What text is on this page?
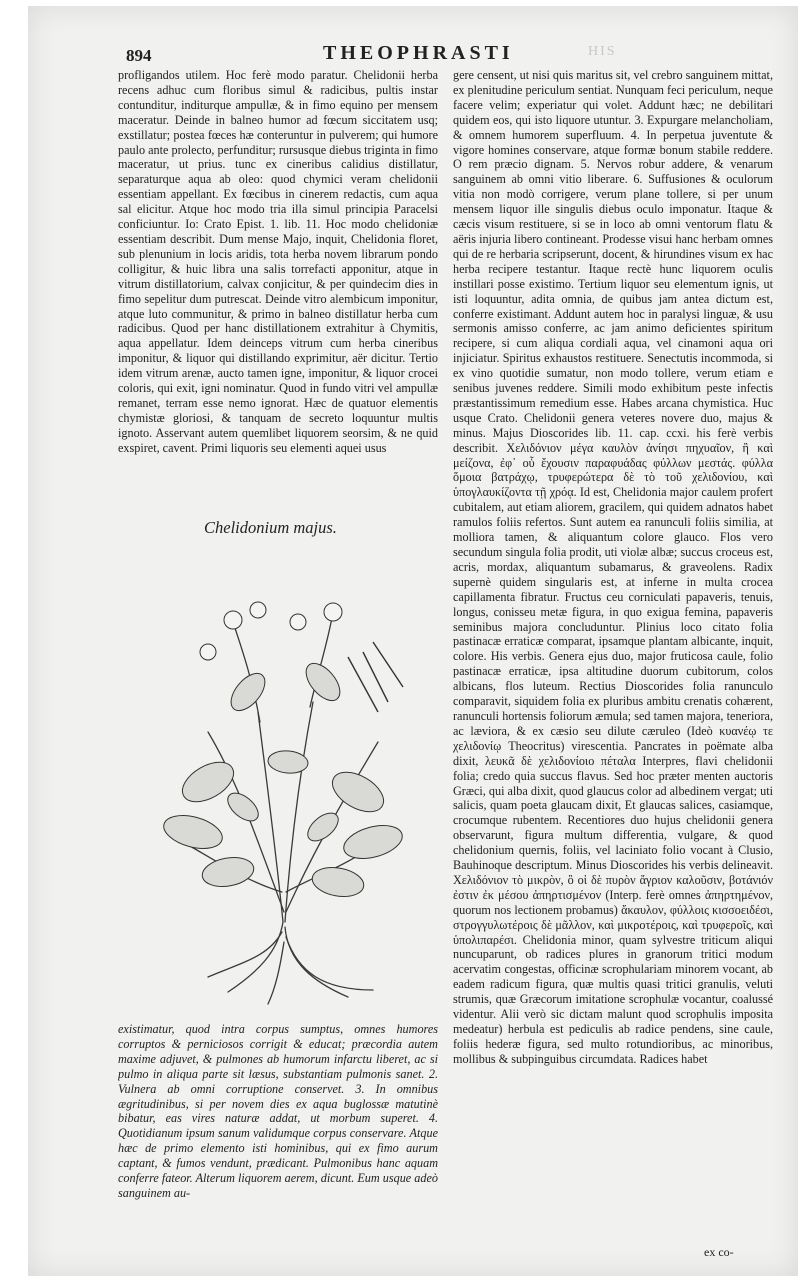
894	THEOPHRASTI	HIS

profligandos utilem. Hoc ferè modo paratur. Chelidonii herba recens adhuc cum floribus simul & radicibus, pultis instar contunditur, inditurque ampullæ, & in fimo equino per mensem maceratur. Deinde in balneo humor ad fœcum siccitatem usq; exstillatur; postea fœces hæ conteruntur in pulverem; qui humore paulo ante prolecto, perfunditur; rursusque diebus triginta in fimo maceratur, ut prius. tunc ex cineribus calidius distillatur, separaturque aqua ab oleo: quod chymici veram chelidonii essentiam appellant. Ex fœcibus in cinerem redactis, cum aqua sal elicitur. Atque hoc modo tria illa simul principia Paracelsi conficiuntur. Io: Crato Epist. 1. lib. 11. Hoc modo chelidoniæ essentiam describit. Dum mense Majo, inquit, Chelidonia floret, sub plenunium in locis aridis, tota herba novem librarum pondo colligitur, & huic libra una salis torrefacti apponitur, atque in vitrum distillatorium, calvax conjicitur, & per quindecim dies in fimo sepelitur dum putrescat. Deinde vitro alembicum imponitur, atque luto communitur, & primo in balneo distillatur herba cum radicibus. Quod per hanc distillationem extrahitur à Chymitis, aqua appellatur. Idem deinceps vitrum cum herba cineribus imponitur, & liquor qui distillando exprimitur, aër dicitur. Tertio idem vitrum arenæ, aucto tamen igne, imponitur, & liquor crocei coloris, qui exit, igni nominatur. Quod in fundo vitri vel ampullæ remanet, terram esse nemo ignorat. Hæc de quatuor elementis chymistæ gloriosi, & tanquam de secreto loquuntur multis ignoto. Asservant autem quemlibet liquorem seorsim, & ne quid exspiret, cavent. Primi liquoris seu elementi aquei usus

Chelidonium majus.

existimatur, quod intra corpus sumptus, omnes humores corruptos & perniciosos corrigit & educat; præcordia autem maxime adjuvet, & pulmones ab humorum infarctu liberet, ac si pulmo in aliqua parte sit læsus, substantiam pulmonis sanet. 2. Vulnera ab omni corruptione conservet. 3. In omnibus ægritudinibus, si per novem dies ex aqua buglossæ matutinè bibatur, eas vires naturæ addat, ut morbum superet. 4. Quotidianum ipsum sanum validumque corpus conservare. Atque hæc de primo elemento isti hominibus, qui ex fimo aurum captant, & fumos vendunt, prædicant. Pulmonibus hanc aquam conferre fateor. Alterum liquorem aerem, dicunt. Eum usque adeò sanguinem au-

gere censent, ut nisi quis maritus sit, vel crebro sanguinem mittat, ex plenitudine periculum sentiat. Nunquam feci periculum, neque facere velim; experiatur qui volet. Addunt hæc; ne debilitari quidem eos, qui isto liquore utuntur. 3. Expurgare melancholiam, & omnem humorem superfluum. 4. In perpetua juventute & vigore homines conservare, atque formæ bonum stabile reddere. O rem præcio dignam. 5. Nervos robur addere, & venarum sanguinem ab omni vitio liberare. 6. Suffusiones & oculorum vitia non modò corrigere, verum plane tollere, si per unum mensem liquor ille singulis diebus oculo imponatur. Itaque & cæcis visum restituere, si se in loco ab omni ventorum flatu & aëris injuria libero contineant. Prodesse visui hanc herbam omnes qui de re herbaria scripserunt, docent, & hirundines visum ex hac herba recipere testantur. Itaque rectè hunc liquorem oculis instillari posse existimo. Tertium liquor seu elementum ignis, ut isti loquuntur, adita omnia, de quibus jam antea dictum est, conferre existimant. Addunt autem hoc in paralysi linguæ, & usu sermonis amisso conferre, ac jam animo deficientes spiritum recipere, si cum aliqua cordiali aqua, vel cinamoni aqua ori injiciatur. Spiritus exhaustos restituere. Senectutis incommoda, si ex vino quotidie sumatur, non modo tollere, verum etiam e senibus juvenes reddere. Simili modo exhibitum peste infectis præstantissimum remedium esse. Habes arcana chymistica. Huc usque Crato. Chelidonii genera veteres novere duo, majus & minus. Majus Dioscorides lib. 11. cap. ccxi. his ferè verbis describit. Χελιδόνιον μέγα καυλὸν ἀνίησι πηχυαῖον, ἢ καὶ μείζονα, ἐφ᾽ οὗ ἔχουσιν παραφυάδας φύλλων μεστάς. φύλλα ὅμοια βατράχῳ, τρυφερώτερα δὲ τὸ τοῦ χελιδονίου, καὶ ὑπογλαυκίζοντα τῇ χρόᾳ. Id est, Chelidonia major caulem profert cubitalem, aut etiam aliorem, gracilem, qui quidem adnatos habet ramulos foliis refertos. Sunt autem ea ranunculi foliis similia, at molliora tamen, & aliquantum colore glauco. Flos vero secundum singula folia prodit, uti violæ albæ; succus croceus est, acris, mordax, aliquantum subamarus, & graveolens. Radix supernè quidem singularis est, at inferne in multa crocea capillamenta fibratur. Fructus ceu corniculati papaveris, tenuis, longus, conisseu metæ figura, in quo exigua femina, papaveris seminibus majora concluduntur. Plinius loco citato folia pastinacæ erraticæ comparat, ipsamque plantam albicante, inquit, colore. His verbis. Genera ejus duo, major fruticosa caule, folio pastinacæ erraticæ, ipsa altitudine duorum cubitorum, colos albicans, flos luteum. Rectius Dioscorides folia ranunculo comparavit, siquidem folia ex pluribus ambitu crenatis cohærent, ranunculi hortensis foliorum æmula; sed tamen majora, teneriora, ac læviora, & ex cæsio seu dilute cæruleo (Ideò κυανέῳ τε χελιδονίῳ Theocritus) virescentia. Pancrates in poëmate alba dixit, λευκᾶ δὲ χελιδονίοιο πέταλα Interpres, flavi chelidonii folia; credo quia succus flavus. Sed hoc præter menten auctoris Græci, qui alba dixit, quod glaucus color ad albedinem vergat; uti salicis, quam poeta glaucam dixit, Et glaucas salices, casiamque, crocumque rubentem. Recentiores duo hujus chelidonii genera observarunt, figura multum differentia, vulgare, & quod chelidonium quernis, foliis, vel laciniato folio vocant à Clusio, Bauhinoque descriptum. Minus Dioscorides his verbis delineavit. Χελιδόνιον τὸ μικρὸν, ὃ οἱ δὲ πυρὸν ἄγριον καλοῦσιν, βοτάνιόν ἐστιν ἐκ μέσου ἀπηρτισμένον (Interp. ferè omnes ἀπηρτημένον, quorum nos lectionem probamus) ἄκαυλον, φύλλοις κισσοειδέσι, στρογγυλωτέροις δὲ μᾶλλον, καὶ μικροτέροις, καὶ τρυφεροῖς, καὶ ὑπολιπαρέσι. Chelidonia minor, quam sylvestre triticum aliqui nuncuparunt, ob radices plures in granorum tritici modum acervatim congestas, officinæ scrophulariam minorem vocant, ab eadem radicum figura, quæ multis quasi tritici granulis, veluti strumis, quæ Græcorum imitatione scrophulæ vocantur, coalussé videntur. Alii verò sic dictam malunt quod scrophulis imposita medeatur) herbula est pediculis ab radice pendens, sine caule, foliis hederæ figura, sed multo rotundioribus, ac minoribus, mollibus & subpinguibus circumdata. Radices habet

ex co-
